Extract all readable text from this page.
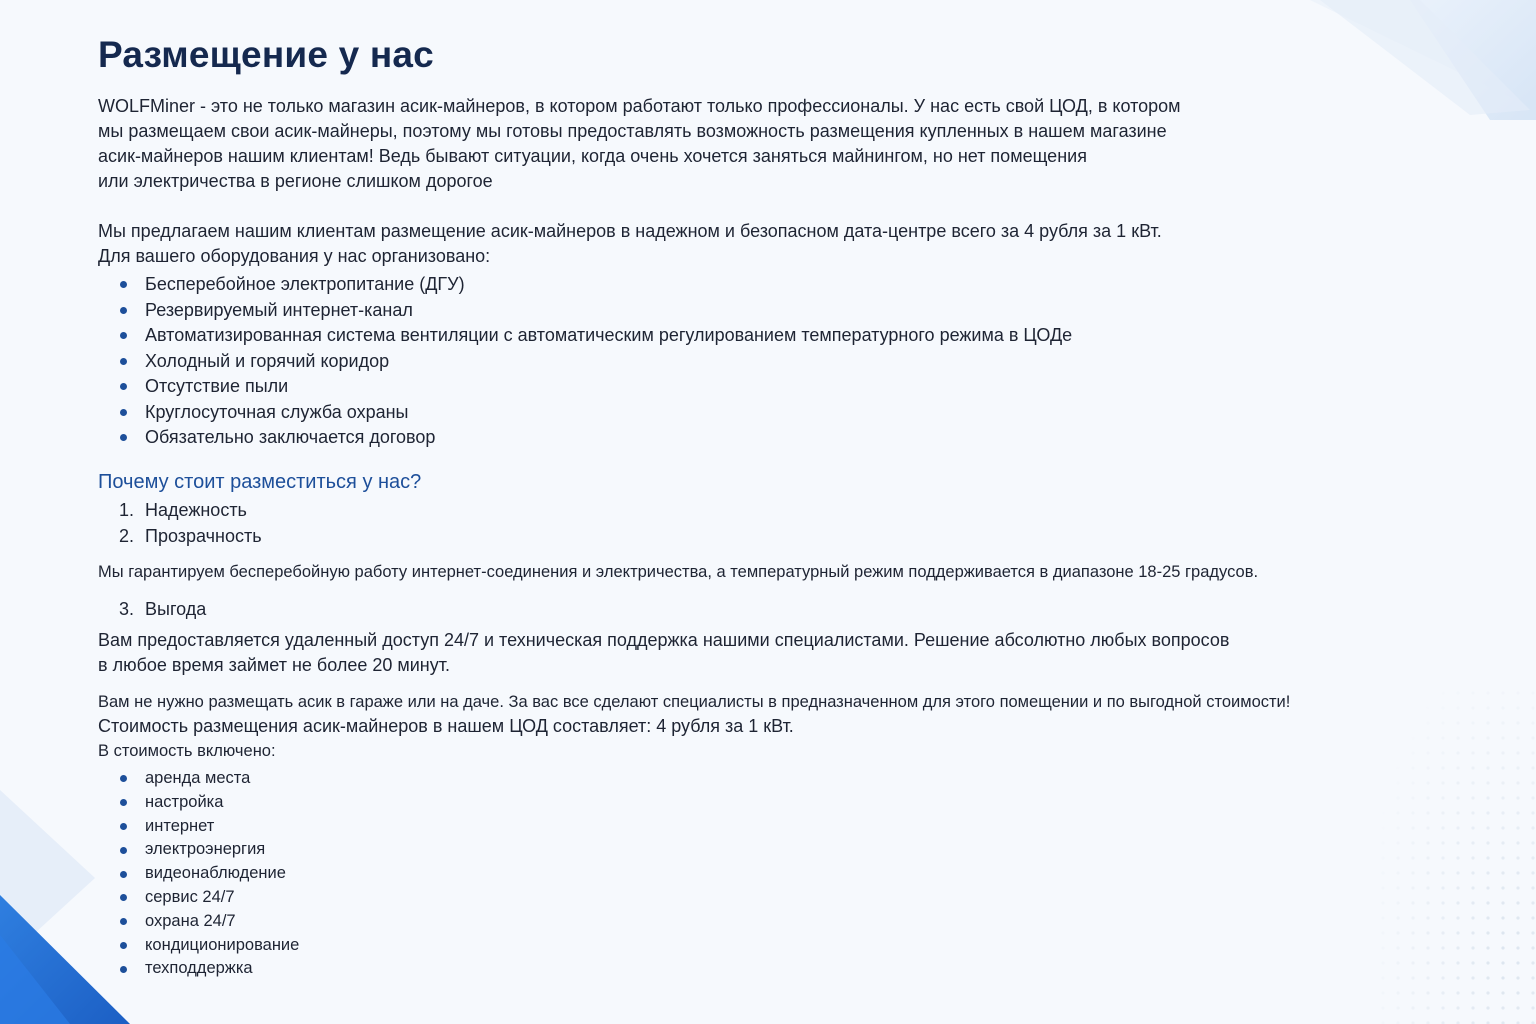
Размещение у нас

WOLFMiner - это не только магазин асик-майнеров, в котором работают только профессионалы. У нас есть свой ЦОД, в котором
мы размещаем свои асик-майнеры, поэтому мы готовы предоставлять возможность размещения купленных в нашем магазине
асик-майнеров нашим клиентам! Ведь бывают ситуации, когда очень хочется заняться майнингом, но нет помещения
или электричества в регионе слишком дорогое

Мы предлагаем нашим клиентам размещение асик-майнеров в надежном и безопасном дата-центре всего за 4 рубля за 1 кВт.
Для вашего оборудования у нас организовано:

Бесперебойное электропитание (ДГУ)
Резервируемый интернет-канал
Автоматизированная система вентиляции с автоматическим регулированием температурного режима в ЦОДе
Холодный и горячий коридор
Отсутствие пыли
Круглосуточная служба охраны
Обязательно заключается договор
Почему стоит разместиться у нас?
1. Надежность
2. Прозрачность

Мы гарантируем бесперебойную работу интернет-соединения и электричества, а температурный режим поддерживается в диапазоне 18-25 градусов.

3. Выгода

Вам предоставляется удаленный доступ 24/7 и техническая поддержка нашими специалистами. Решение абсолютно любых вопросов
в любое время займет не более 20 минут.

Вам не нужно размещать асик в гараже или на даче. За вас все сделают специалисты в предназначенном для этого помещении и по выгодной стоимости!

Стоимость размещения асик-майнеров в нашем ЦОД составляет: 4 рубля за 1 кВт.

В стоимость включено:

аренда места
настройка
интернет
электроэнергия
видеонаблюдение
сервис 24/7
охрана 24/7
кондиционирование
техподдержка
